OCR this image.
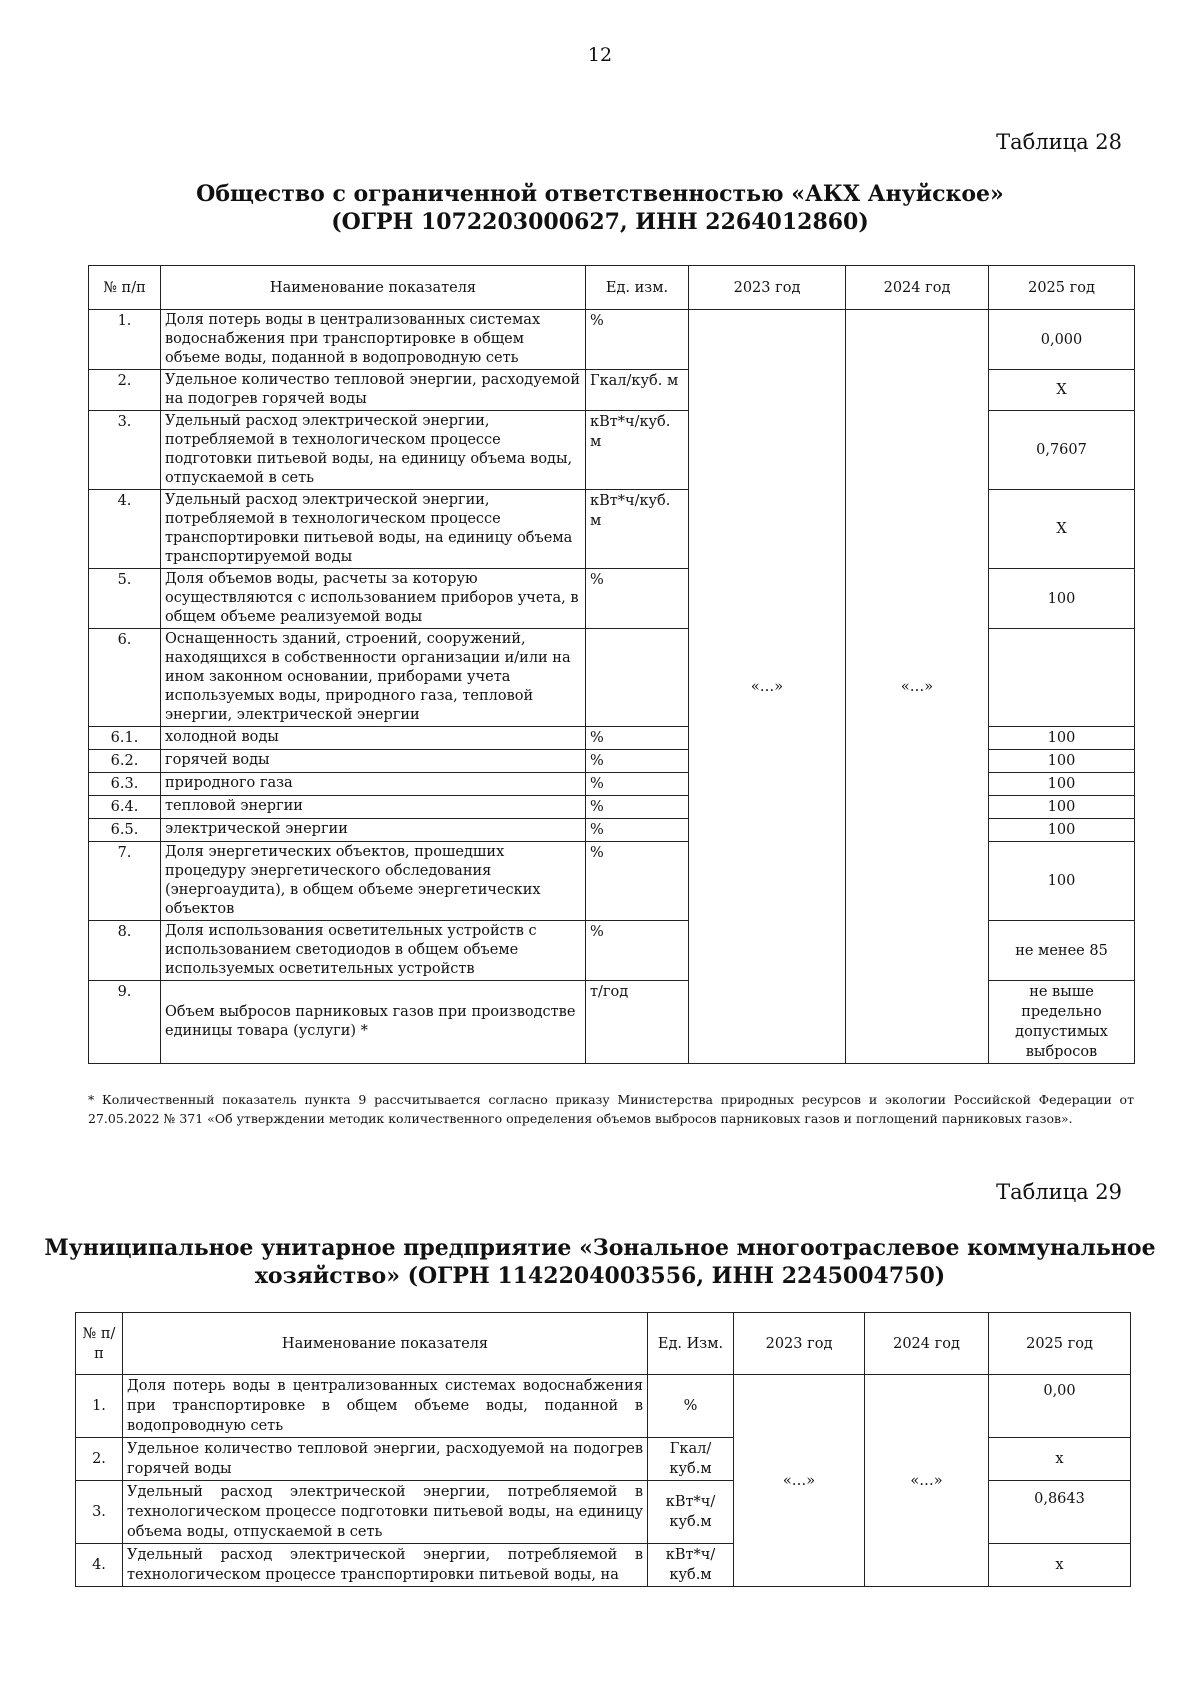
12
Таблица 28
Общество с ограниченной ответственностью «АКХ Ануйское»
(ОГРН 1072203000627, ИНН 2264012860)
№ п/п	Наименование показателя	Ед. изм.	2023 год	2024 год	2025 год
1.	Доля потерь воды в централизованных системах водоснабжения при транспортировке в общем объеме воды, поданной в водопроводную сеть	%	«…»	«…»	0,000
2.	Удельное количество тепловой энергии, расходуемой на подогрев горячей воды	Гкал/куб. м			Х
3.	Удельный расход электрической энергии, потребляемой в технологическом процессе подготовки питьевой воды, на единицу объема воды, отпускаемой в сеть	кВт*ч/куб. м			0,7607
4.	Удельный расход электрической энергии, потребляемой в технологическом процессе транспортировки питьевой воды, на единицу объема транспортируемой воды	кВт*ч/куб. м			Х
5.	Доля объемов воды, расчеты за которую осуществляются с использованием приборов учета, в общем объеме реализуемой воды	%			100
6.	Оснащенность зданий, строений, сооружений, находящихся в собственности организации и/или на ином законном основании, приборами учета используемых воды, природного газа, тепловой энергии, электрической энергии				
6.1.	холодной воды	%			100
6.2.	горячей воды	%			100
6.3.	природного газа	%			100
6.4.	тепловой энергии	%			100
6.5.	электрической энергии	%			100
7.	Доля энергетических объектов, прошедших процедуру энергетического обследования (энергоаудита), в общем объеме энергетических объектов	%			100
8.	Доля использования осветительных устройств с использованием светодиодов в общем объеме используемых осветительных устройств	%			не менее 85
9.	Объем выбросов парниковых газов при производстве единицы товара (услуги) *	т/год			не выше предельно допустимых выбросов
* Количественный показатель пункта 9 рассчитывается согласно приказу Министерства природных ресурсов и экологии Российской Федерации от 27.05.2022 № 371 «Об утверждении методик количественного определения объемов выбросов парниковых газов и поглощений парниковых газов».
Таблица 29
Муниципальное унитарное предприятие «Зональное многоотраслевое коммунальное
хозяйство» (ОГРН 1142204003556, ИНН 2245004750)
№ п/п	Наименование показателя	Ед. Изм.	2023 год	2024 год	2025 год
1.	Доля потерь воды в централизованных системах водоснабжения при транспортировке в общем объеме воды, поданной в водопроводную сеть	%	«…»	«…»	0,00
2.	Удельное количество тепловой энергии, расходуемой на подогрев горячей воды	Гкал/ куб.м			х
3.	Удельный расход электрической энергии, потребляемой в технологическом процессе подготовки питьевой воды, на единицу объема воды, отпускаемой в сеть	кВт*ч/ куб.м			0,8643
4.	Удельный расход электрической энергии, потребляемой в технологическом процессе транспортировки питьевой воды, на	кВт*ч/ куб.м			х
